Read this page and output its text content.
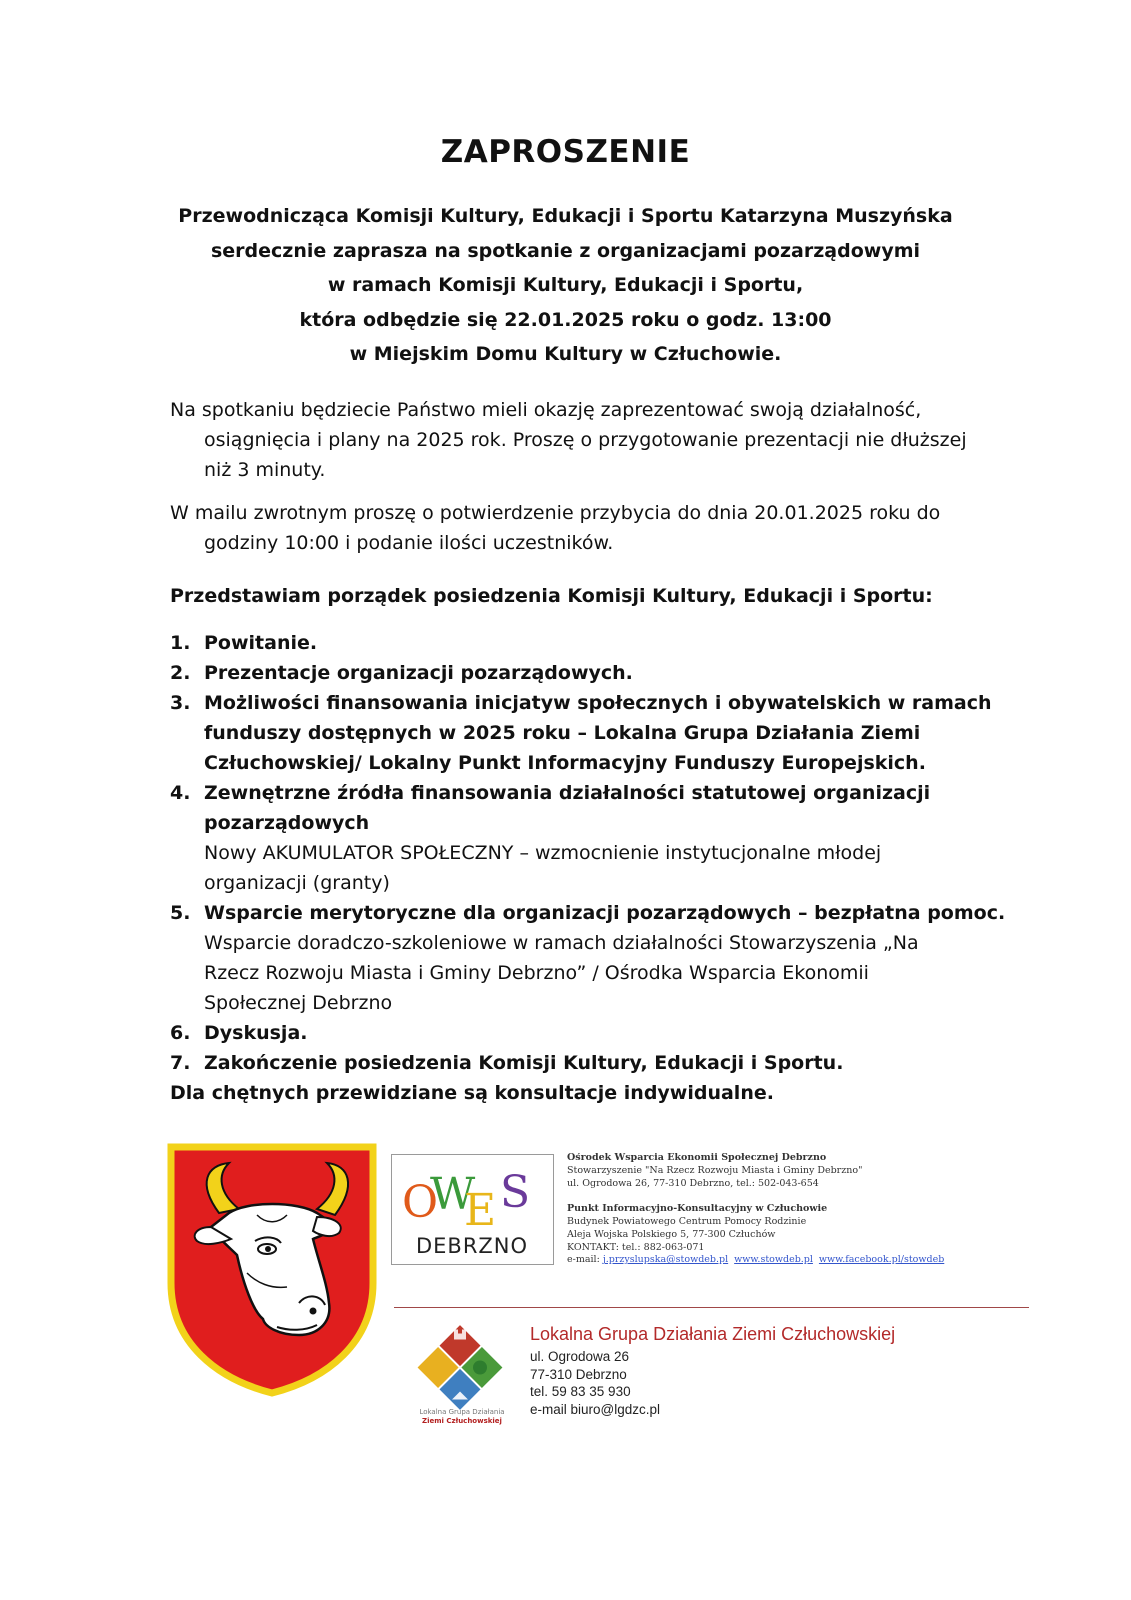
ZAPROSZENIE
Przewodnicząca Komisji Kultury, Edukacji i Sportu Katarzyna Muszyńska
serdecznie zaprasza na spotkanie z organizacjami pozarządowymi
w ramach Komisji Kultury, Edukacji i Sportu,
która odbędzie się 22.01.2025 roku o godz. 13:00
w Miejskim Domu Kultury w Człuchowie.
Na spotkaniu będziecie Państwo mieli okazję zaprezentować swoją działalność,
osiągnięcia i plany na 2025 rok. Proszę o przygotowanie prezentacji nie dłuższej
niż 3 minuty.
W mailu zwrotnym proszę o potwierdzenie przybycia do dnia 20.01.2025 roku do
godziny 10:00 i podanie ilości uczestników.
Przedstawiam porządek posiedzenia Komisji Kultury, Edukacji i Sportu:
1. Powitanie.
2. Prezentacje organizacji pozarządowych.
3. Możliwości finansowania inicjatyw społecznych i obywatelskich w ramach
funduszy dostępnych w 2025 roku – Lokalna Grupa Działania Ziemi
Człuchowskiej/ Lokalny Punkt Informacyjny Funduszy Europejskich.
4. Zewnętrzne źródła finansowania działalności statutowej organizacji
pozarządowych
Nowy AKUMULATOR SPOŁECZNY – wzmocnienie instytucjonalne młodej
organizacji (granty)
5. Wsparcie merytoryczne dla organizacji pozarządowych – bezpłatna pomoc.
Wsparcie doradczo-szkoleniowe w ramach działalności Stowarzyszenia „Na
Rzecz Rozwoju Miasta i Gminy Debrzno” / Ośrodka Wsparcia Ekonomii
Społecznej Debrzno
6. Dyskusja.
7. Zakończenie posiedzenia Komisji Kultury, Edukacji i Sportu.
Dla chętnych przewidziane są konsultacje indywidualne.
O
W
E S
DEBRZNO
Ośrodek Wsparcia Ekonomii Społecznej Debrzno
Stowarzyszenie "Na Rzecz Rozwoju Miasta i Gminy Debrzno"
ul. Ogrodowa 26, 77-310 Debrzno, tel.: 502-043-654

Punkt Informacyjno-Konsultacyjny w Człuchowie
Budynek Powiatowego Centrum Pomocy Rodzinie
Aleja Wojska Polskiego 5, 77-300 Człuchów
KONTAKT: tel.: 882-063-071
e-mail: j.przyslupska@stowdeb.pl www.stowdeb.pl www.facebook.pl/stowdeb
Lokalna Grupa Działania
Ziemi Człuchowskiej
Lokalna Grupa Działania Ziemi Człuchowskiej
ul. Ogrodowa 26
77-310 Debrzno
tel. 59 83 35 930
e-mail biuro@lgdzc.pl
